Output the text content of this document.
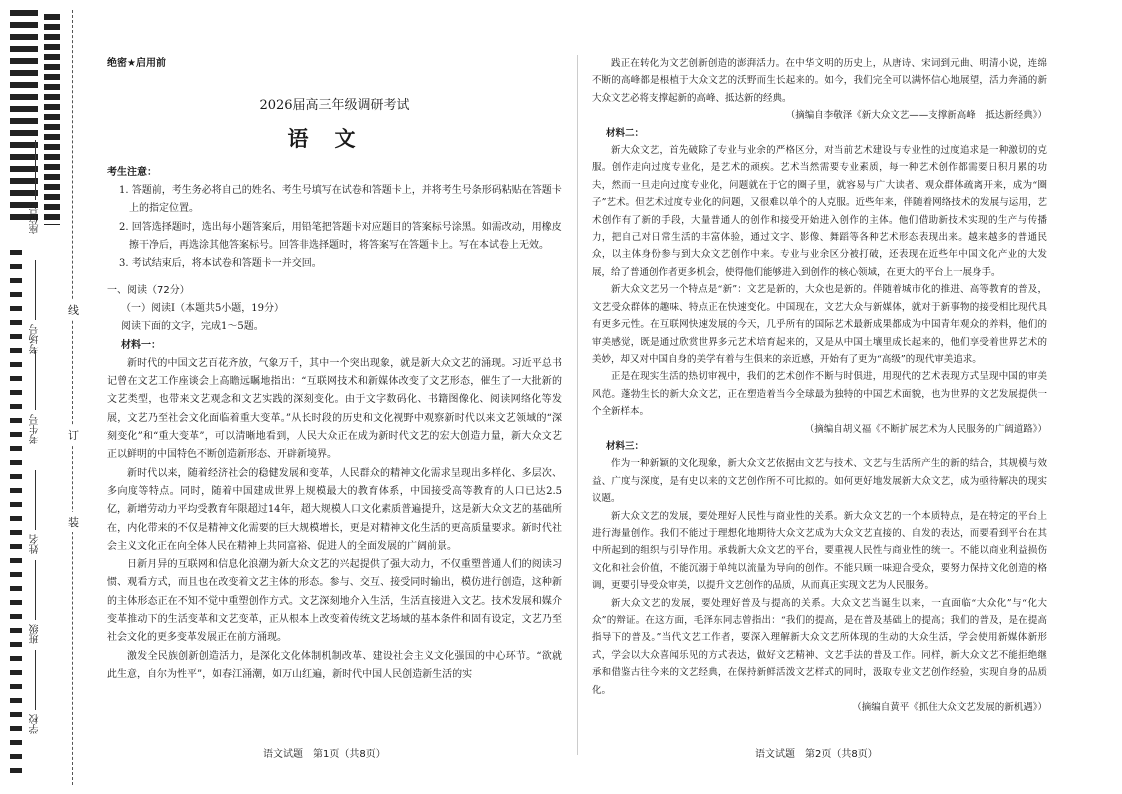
座位号
考场号
考生号
姓名
班级
学校
线
订
装
绝密★启用前
2026届高三年级调研考试
语文
考生注意：
1. 答题前，考生务必将自己的姓名、考生号填写在试卷和答题卡上，并将考生号条形码粘贴在答题卡上的指定位置。
2. 回答选择题时，选出每小题答案后，用铅笔把答题卡对应题目的答案标号涂黑。如需改动，用橡皮擦干净后，再选涂其他答案标号。回答非选择题时，将答案写在答题卡上。写在本试卷上无效。
3. 考试结束后，将本试卷和答题卡一并交回。
一、阅读（72分）
（一）阅读Ⅰ（本题共5小题，19分）
阅读下面的文字，完成1～5题。
材料一：
新时代的中国文艺百花齐放，气象万千，其中一个突出现象，就是新大众文艺的涌现。习近平总书记曾在文艺工作座谈会上高瞻远瞩地指出：“互联网技术和新媒体改变了文艺形态，催生了一大批新的文艺类型，也带来文艺观念和文艺实践的深刻变化。由于文字数码化、书籍图像化、阅读网络化等发展，文艺乃至社会文化面临着重大变革。”从长时段的历史和文化视野中观察新时代以来文艺领域的“深刻变化”和“重大变革”，可以清晰地看到，人民大众正在成为新时代文艺的宏大创造力量，新大众文艺正以鲜明的中国特色不断创造新形态、开辟新境界。
新时代以来，随着经济社会的稳健发展和变革，人民群众的精神文化需求呈现出多样化、多层次、多向度等特点。同时，随着中国建成世界上规模最大的教育体系，中国接受高等教育的人口已达2.5亿，新增劳动力平均受教育年限超过14年，超大规模人口文化素质普遍提升，这是新大众文艺的基础所在，内化带来的不仅是精神文化需要的巨大规模增长，更是对精神文化生活的更高质量要求。新时代社会主义文化正在向全体人民在精神上共同富裕、促进人的全面发展的广阔前景。
日新月异的互联网和信息化浪潮为新大众文艺的兴起提供了强大动力，不仅重塑普通人们的阅读习惯、观看方式，而且也在改变着文艺主体的形态。参与、交互、接受同时输出，模仿进行创造，这种新的主体形态正在不知不觉中重塑创作方式。文艺深刻地介入生活，生活直接进入文艺。技术发展和媒介变革推动下的生活变革和文艺变革，正从根本上改变着传统文艺场域的基本条件和固有设定，文艺乃至社会文化的更多变革发展正在前方涌现。
激发全民族创新创造活力，是深化文化体制机制改革、建设社会主义文化强国的中心环节。“欲就此生意，自尔为性平”，如春江涌潮，如万山红遍，新时代中国人民创造新生活的实
语文试题　第1页（共8页）
践正在转化为文艺创新创造的澎湃活力。在中华文明的历史上，从唐诗、宋词到元曲、明清小说，连绵不断的高峰都是根植于大众文艺的沃野而生长起来的。如今，我们完全可以满怀信心地展望，活力奔涌的新大众文艺必将支撑起新的高峰、抵达新的经典。
（摘编自李敬泽《新大众文艺——支撑新高峰　抵达新经典》）
材料二：
新大众文艺，首先破除了专业与业余的严格区分，对当前艺术建设与专业性的过度追求是一种激切的克服。创作走向过度专业化，是艺术的顽疾。艺术当然需要专业素质，每一种艺术创作都需要日积月累的功夫，然而一旦走向过度专业化，问题就在于它的圈子里，就容易与广大读者、观众群体疏离开来，成为“圈子”艺术。但艺术过度专业化的问题，又很难以单个的人克服。近些年来，伴随着网络技术的发展与运用，艺术创作有了新的手段，大量普通人的创作和接受开始进入创作的主体。他们借助新技术实现的生产与传播力，把自己对日常生活的丰富体验，通过文字、影像、舞蹈等各种艺术形态表现出来。越来越多的普通民众，以主体身份参与到大众文艺创作中来。专业与业余区分被打破，还表现在近些年中国文化产业的大发展，给了普通创作者更多机会，使得他们能够进入到创作的核心领域，在更大的平台上一展身手。
新大众文艺另一个特点是“新”：文艺是新的，大众也是新的。伴随着城市化的推进、高等教育的普及，文艺受众群体的趣味、特点正在快速变化。中国现在，文艺大众与新媒体，就对于新事物的接受相比现代具有更多元性。在互联网快速发展的今天，几乎所有的国际艺术最新成果都成为中国青年观众的养料，他们的审美感觉，既是通过欣赏世界多元艺术培育起来的，又是从中国土壤里成长起来的，他们享受着世界艺术的美妙，却又对中国自身的美学有着与生俱来的亲近感，开始有了更为“高级”的现代审美追求。
正是在现实生活的热切审视中，我们的艺术创作不断与时俱进，用现代的艺术表现方式呈现中国的审美风范。蓬勃生长的新大众文艺，正在塑造着当今全球最为独特的中国艺术面貌，也为世界的文艺发展提供一个全新样本。
（摘编自胡义福《不断扩展艺术为人民服务的广阔道路》）
材料三：
作为一种新颖的文化现象，新大众文艺依据由文艺与技术、文艺与生活所产生的新的结合，其规模与效益、广度与深度，是有史以来的文艺创作所不可比拟的。如何更好地发展新大众文艺，成为亟待解决的现实议题。
新大众文艺的发展，要处理好人民性与商业性的关系。新大众文艺的一个本质特点，是在特定的平台上进行海量创作。我们不能过于理想化地期待大众文艺成为大众文艺直接的、自发的表达，而要看到平台在其中所起到的组织与引导作用。承载新大众文艺的平台，要重视人民性与商业性的统一。不能以商业利益损伤文化和社会价值，不能沉溺于单纯以流量为导向的创作。不能只顾一味迎合受众，要努力保持文化创造的格调，更要引导受众审美，以提升文艺创作的品质，从而真正实现文艺为人民服务。
新大众文艺的发展，要处理好普及与提高的关系。大众文艺当诞生以来，一直面临“大众化”与“化大众”的辩证。在这方面，毛泽东同志曾指出：“我们的提高，是在普及基础上的提高；我们的普及，是在提高指导下的普及。”当代文艺工作者，要深入理解新大众文艺所体现的生动的大众生活，学会使用新媒体新形式，学会以大众喜闻乐见的方式表达，做好文艺精神、文艺手法的普及工作。同样，新大众文艺不能拒绝继承和借鉴古往今来的文艺经典，在保持新鲜活泼文艺样式的同时，汲取专业文艺创作经验，实现自身的品质化。
（摘编自黄平《抓住大众文艺发展的新机遇》）
语文试题　第2页（共8页）
